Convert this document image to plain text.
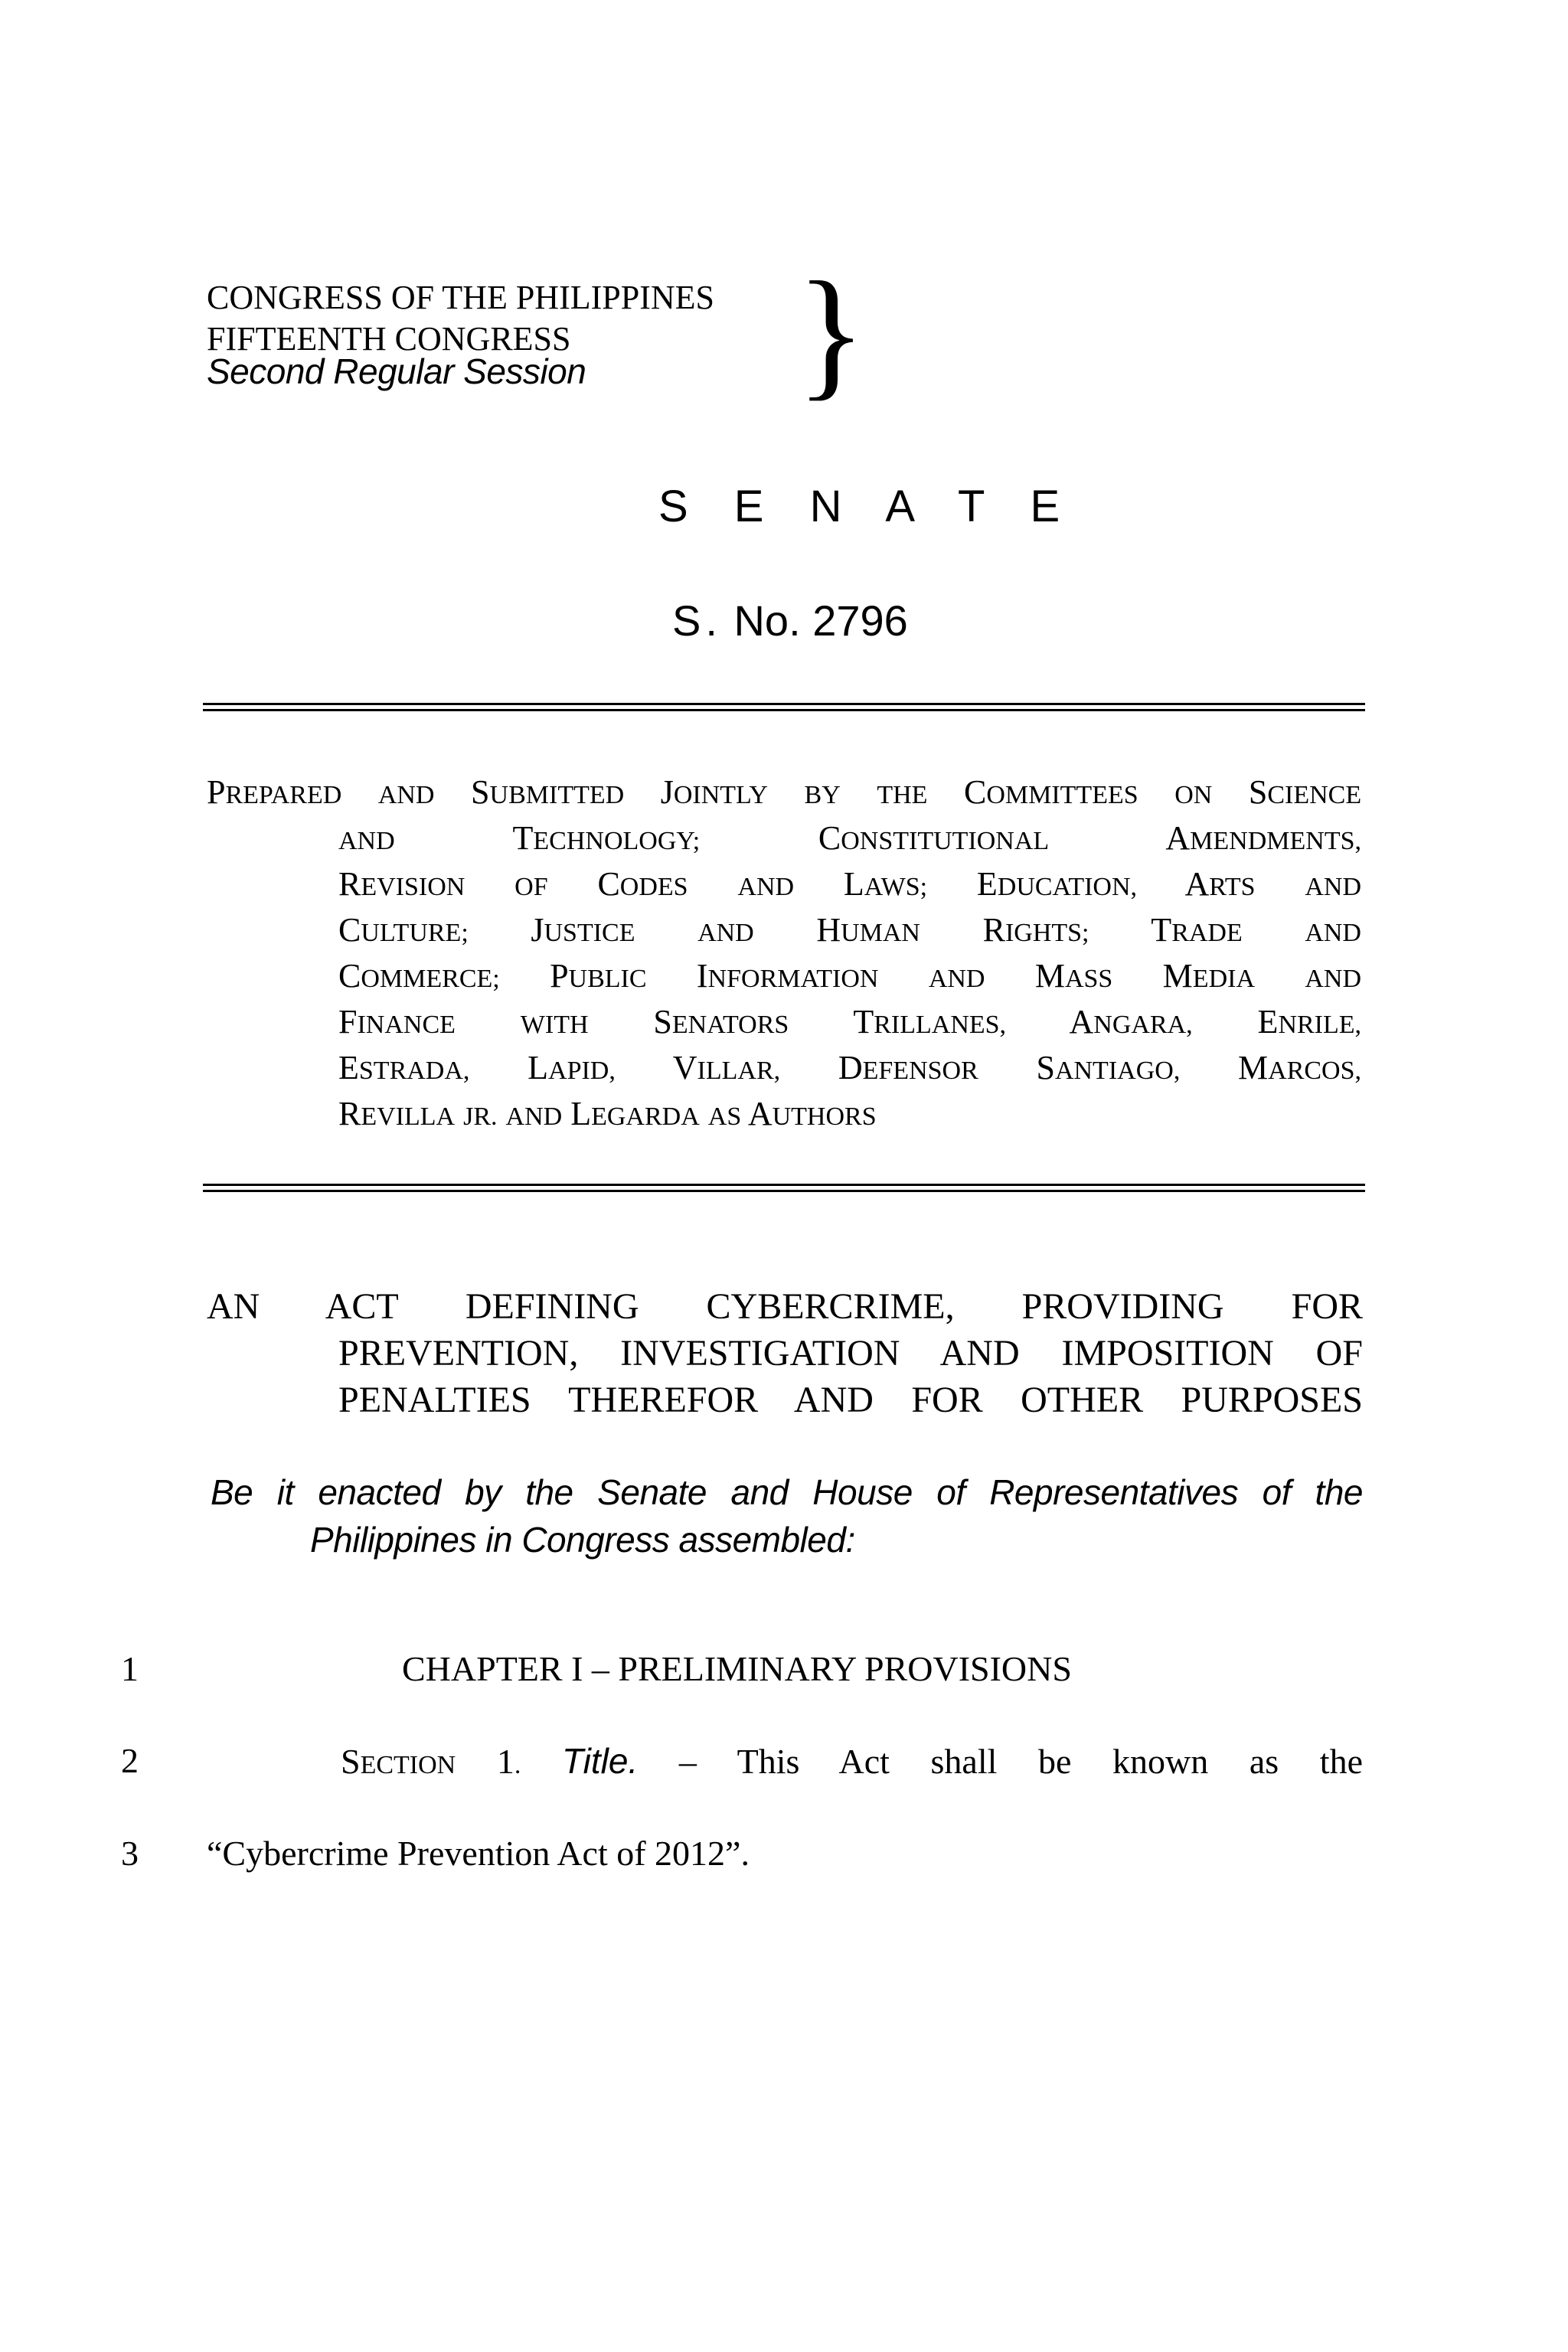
CONGRESS OF THE PHILIPPINES
FIFTEENTH CONGRESS
Second Regular Session }
S E N A T E
S. No. 2796
PREPARED AND SUBMITTED JOINTLY BY THE COMMITTEES ON SCIENCE
AND	TECHNOLOGY;	CONSTITUTIONAL	AMENDMENTS,
REVISION OF CODES AND LAWS; EDUCATION, ARTS AND
CULTURE; JUSTICE AND HUMAN RIGHTS; TRADE AND
COMMERCE; PUBLIC INFORMATION AND MASS MEDIA AND
FINANCE WITH SENATORS TRILLANES, ANGARA, ENRILE,
ESTRADA, LAPID, VILLAR, DEFENSOR SANTIAGO, MARCOS,
REVILLA JR. AND LEGARDA AS AUTHORS
AN ACT DEFINING CYBERCRIME, PROVIDING FOR
PREVENTION, INVESTIGATION AND IMPOSITION OF
PENALTIES THEREFOR AND FOR OTHER PURPOSES
Be it enacted by the Senate and House of Representatives of the
Philippines in Congress assembled:
1	CHAPTER I – PRELIMINARY PROVISIONS
2	SECTION 1. Title. – This Act shall be known as the
3 “Cybercrime Prevention Act of 2012”.
